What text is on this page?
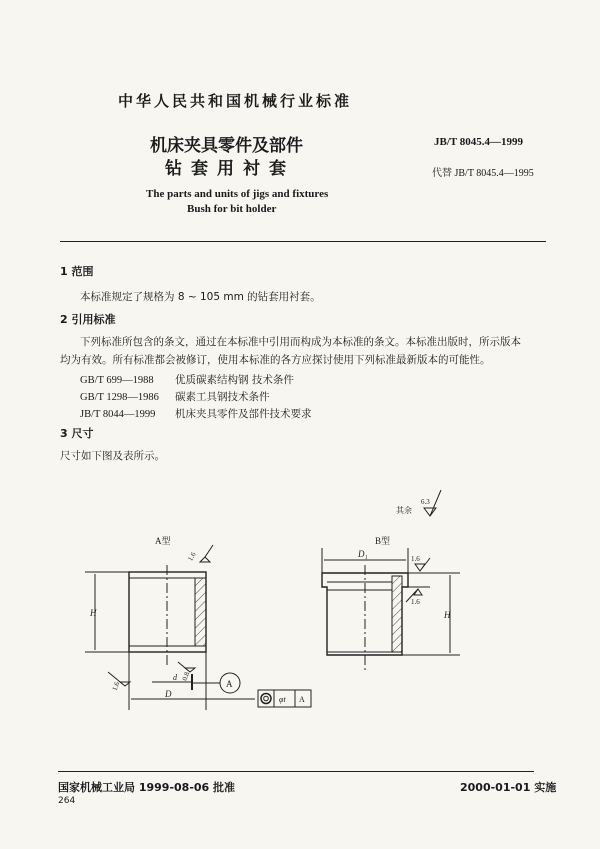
中华人民共和国机械行业标准
机床夹具零件及部件
钻套用衬套
JB/T 8045.4—1999
代替 JB/T 8045.4—1995
The parts and units of jigs and fixtures
Bush for bit holder
1 范围
本标准规定了规格为 8 ~ 105 mm 的钻套用衬套。
2 引用标准
下列标准所包含的条文，通过在本标准中引用而构成为本标准的条文。本标准出版时，所示版本
均为有效。所有标准都会被修订，使用本标准的各方应探讨使用下列标准最新版本的可能性。
GB/T 699—1988 优质碳素结构钢 技术条件
GB/T 1298—1986 碳素工具钢技术条件
JB/T 8044—1999 机床夹具零件及部件技术要求
3 尺寸
尺寸如下图及表所示。
其余
6.3
A型
H
1.6
D
d 0.8
1.6	A
φt A
B型
D₁
H
1.6
1.6
国家机械工业局 1999-08-06 批准	2000-01-01 实施
264
